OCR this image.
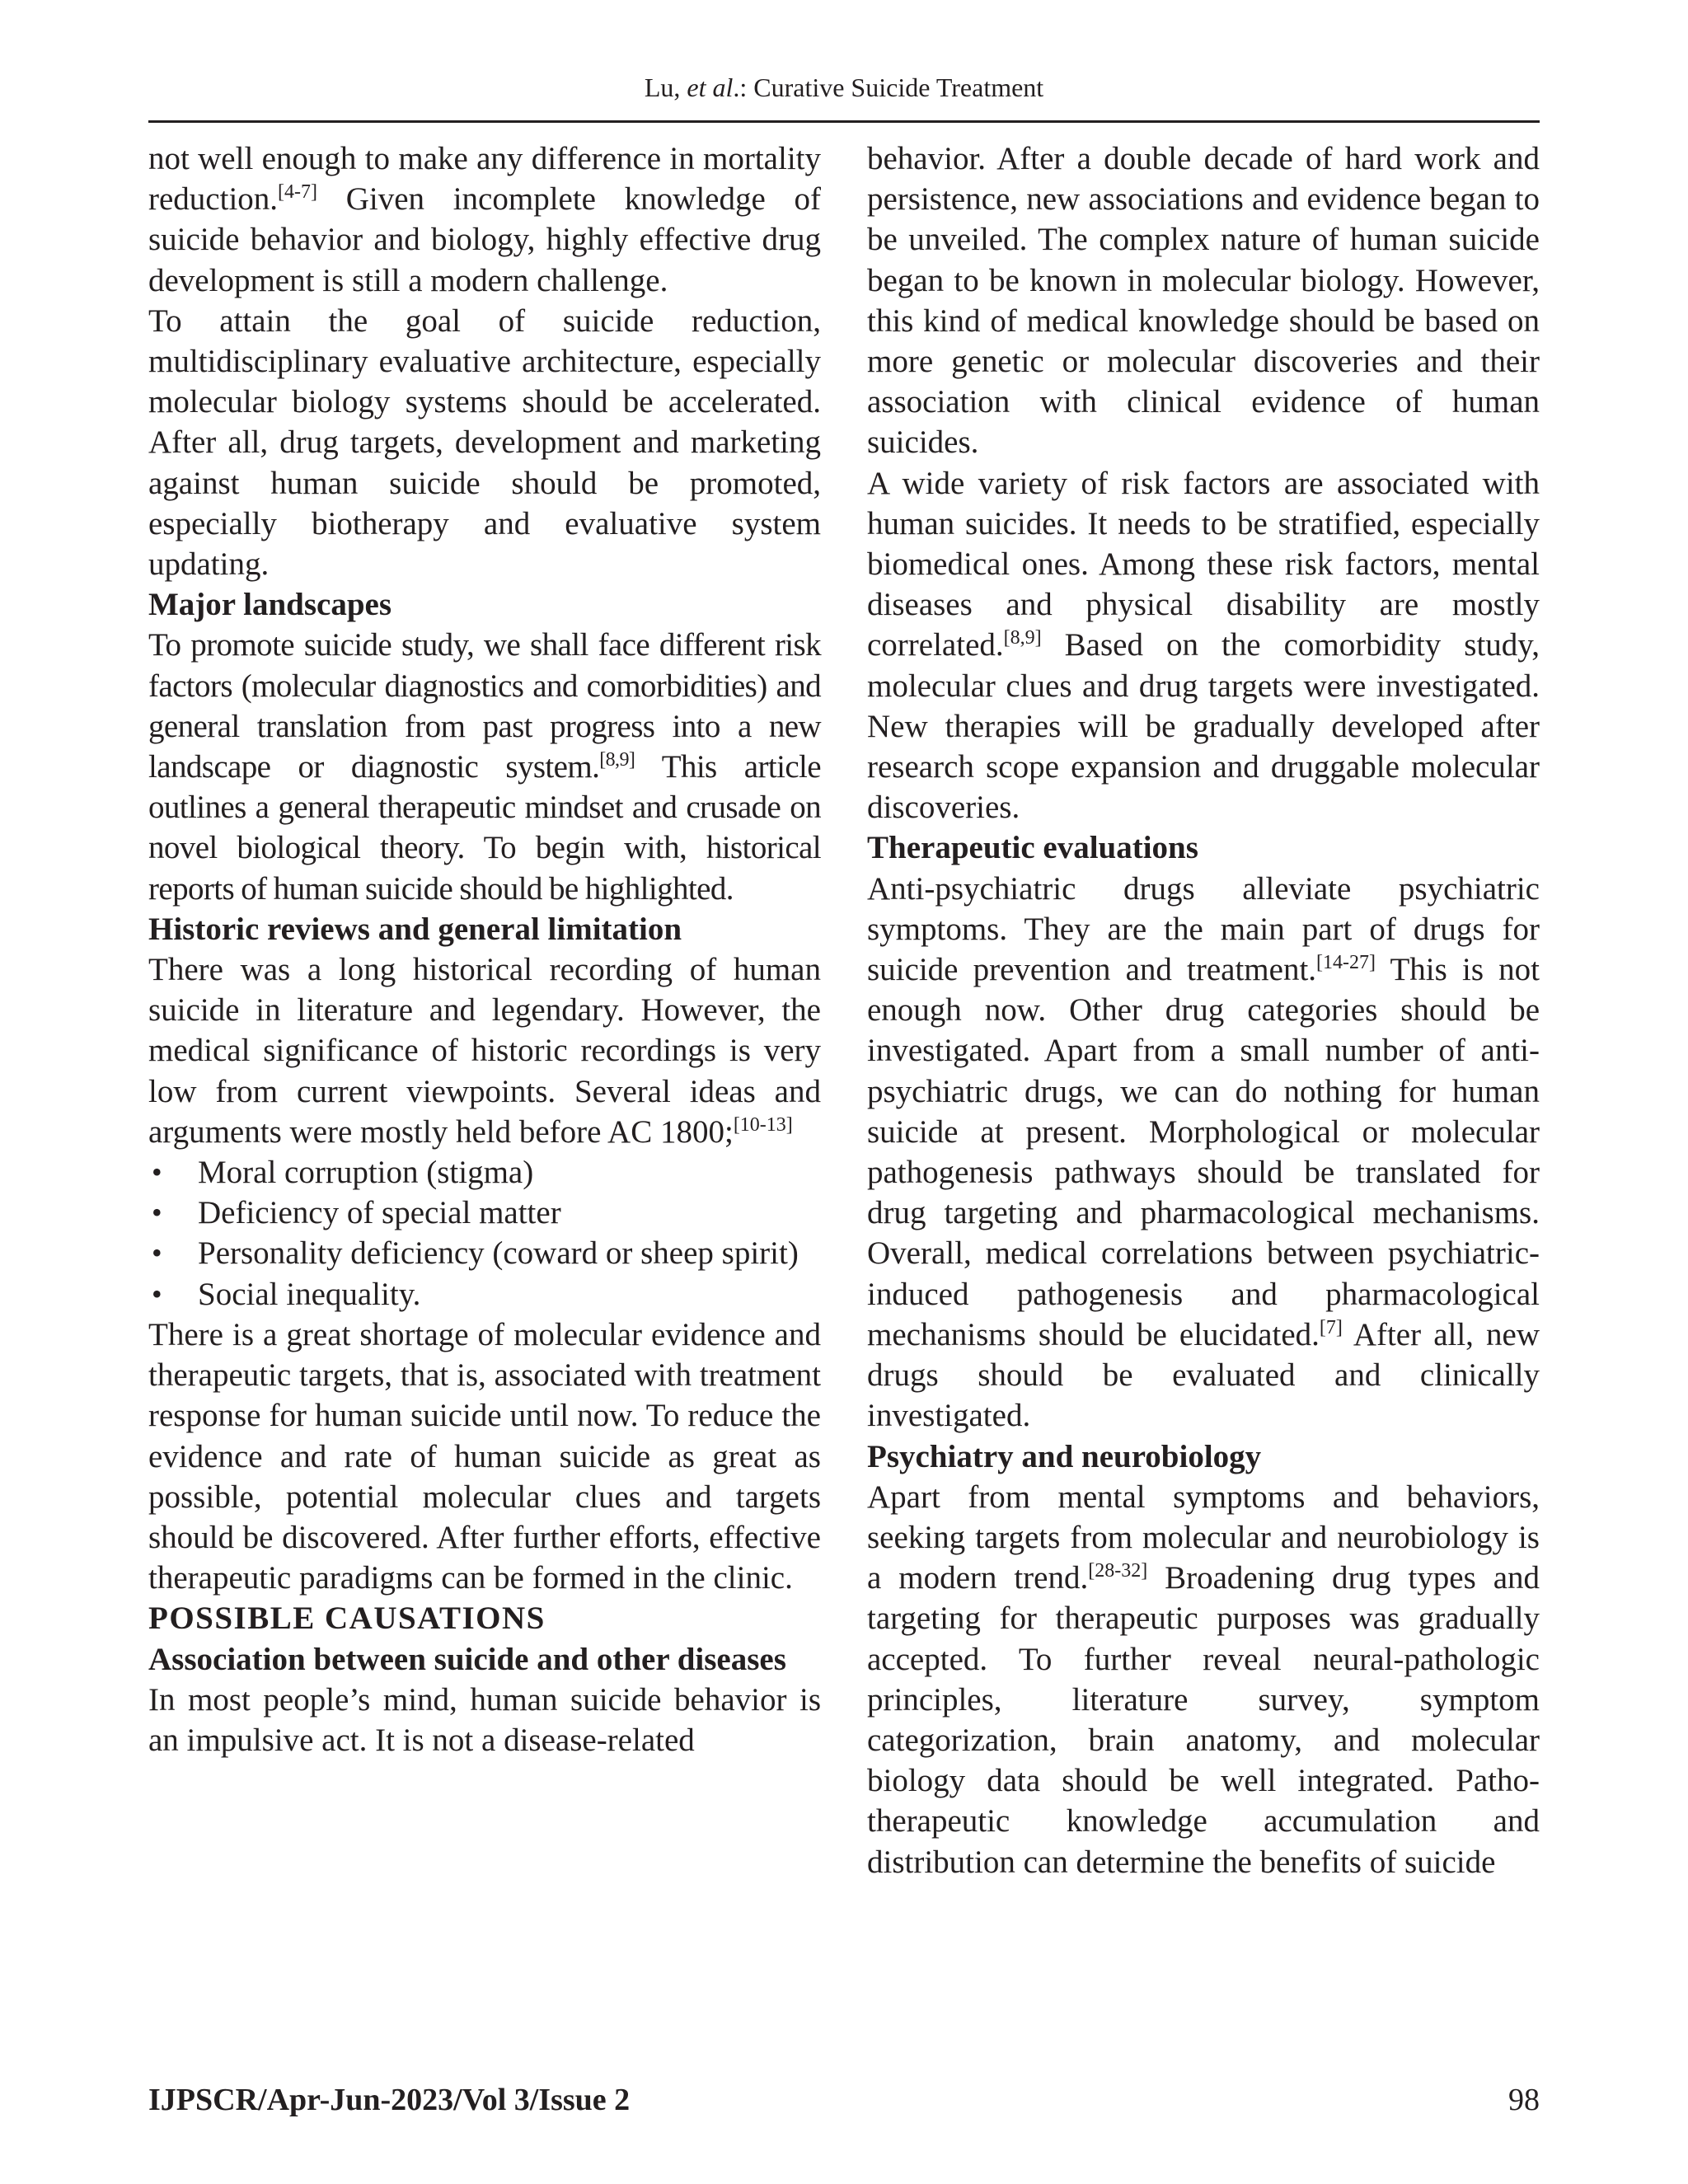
Lu, et al.: Curative Suicide Treatment

not well enough to make any difference in mortality reduction.[4-7] Given incomplete knowledge of suicide behavior and biology, highly effective drug development is still a modern challenge.

To attain the goal of suicide reduction, multidisciplinary evaluative architecture, especially molecular biology systems should be accelerated. After all, drug targets, development and marketing against human suicide should be promoted, especially biotherapy and evaluative system updating.

Major landscapes

To promote suicide study, we shall face different risk factors (molecular diagnostics and comorbidities) and general translation from past progress into a new landscape or diagnostic system.[8,9] This article outlines a general therapeutic mindset and crusade on novel biological theory. To begin with, historical reports of human suicide should be highlighted.

Historic reviews and general limitation

There was a long historical recording of human suicide in literature and legendary. However, the medical significance of historic recordings is very low from current viewpoints. Several ideas and arguments were mostly held before AC 1800;[10-13]

• Moral corruption (stigma)
• Deficiency of special matter
• Personality deficiency (coward or sheep spirit)
• Social inequality.

There is a great shortage of molecular evidence and therapeutic targets, that is, associated with treatment response for human suicide until now. To reduce the evidence and rate of human suicide as great as possible, potential molecular clues and targets should be discovered. After further efforts, effective therapeutic paradigms can be formed in the clinic.

POSSIBLE CAUSATIONS

Association between suicide and other diseases

In most people’s mind, human suicide behavior is an impulsive act. It is not a disease-related

behavior. After a double decade of hard work and persistence, new associations and evidence began to be unveiled. The complex nature of human suicide began to be known in molecular biology. However, this kind of medical knowledge should be based on more genetic or molecular discoveries and their association with clinical evidence of human suicides.

A wide variety of risk factors are associated with human suicides. It needs to be stratified, especially biomedical ones. Among these risk factors, mental diseases and physical disability are mostly correlated.[8,9] Based on the comorbidity study, molecular clues and drug targets were investigated. New therapies will be gradually developed after research scope expansion and druggable molecular discoveries.

Therapeutic evaluations

Anti-psychiatric drugs alleviate psychiatric symptoms. They are the main part of drugs for suicide prevention and treatment.[14-27] This is not enough now. Other drug categories should be investigated. Apart from a small number of anti-psychiatric drugs, we can do nothing for human suicide at present. Morphological or molecular pathogenesis pathways should be translated for drug targeting and pharmacological mechanisms. Overall, medical correlations between psychiatric-induced pathogenesis and pharmacological mechanisms should be elucidated.[7] After all, new drugs should be evaluated and clinically investigated.

Psychiatry and neurobiology

Apart from mental symptoms and behaviors, seeking targets from molecular and neurobiology is a modern trend.[28-32] Broadening drug types and targeting for therapeutic purposes was gradually accepted. To further reveal neural-pathologic principles, literature survey, symptom categorization, brain anatomy, and molecular biology data should be well integrated. Patho-therapeutic knowledge accumulation and distribution can determine the benefits of suicide

IJPSCR/Apr-Jun-2023/Vol 3/Issue 2	98
